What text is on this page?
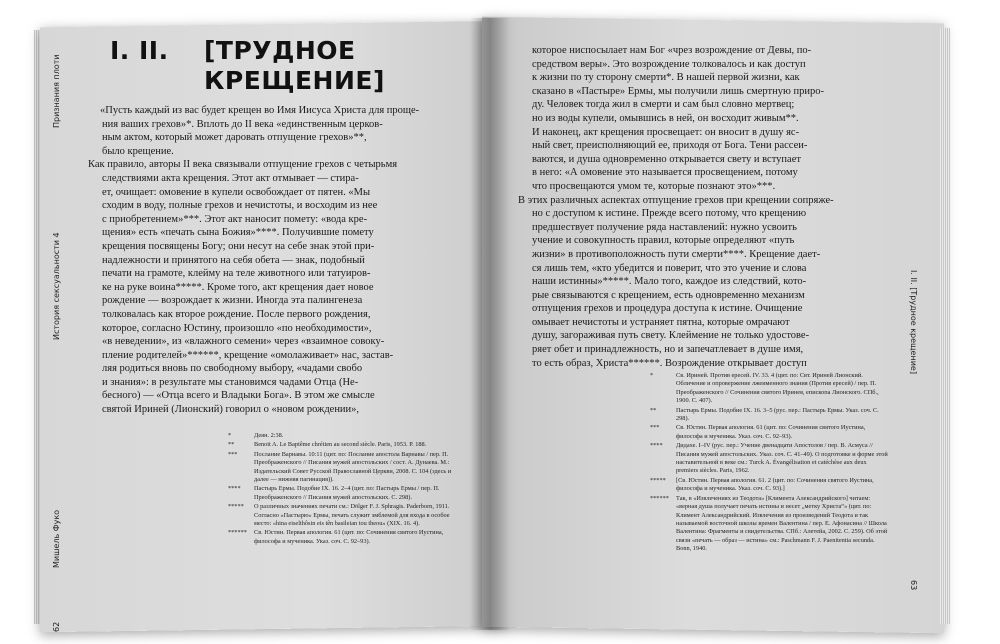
Признания плоти
История сексуальности 4
Мишель Фуко
62
I. II. [Трудное крещение]
63
I. II. [ТРУДНОЕ
КРЕЩЕНИЕ]

«Пусть каждый из вас будет крещен во Имя Иисуса Христа для проще-

ния ваших грехов»*. Вплоть до II века «единственным церков-

ным актом, который может даровать отпущение грехов»**,

было крещение.

Как правило, авторы II века связывали отпущение грехов с четырьмя

следствиями акта крещения. Этот акт отмывает — стира-

ет, очищает: омовение в купели освобождает от пятен. «Мы

сходим в воду, полные грехов и нечистоты, и восходим из нее

с приобретением»***. Этот акт наносит помету: «вода кре-

щения» есть «печать сына Божия»****. Получившие помету

крещения посвящены Богу; они несут на себе знак этой при-

надлежности и принятого на себя обета — знак, подобный

печати на грамоте, клейму на теле животного или татуиров-

ке на руке воина*****. Кроме того, акт крещения дает новое

рождение — возрождает к жизни. Иногда эта палингенеза

толковалась как второе рождение. После первого рождения,

которое, согласно Юстину, произошло «по необходимости»,

«в неведении», из «влажного семени» через «взаимное совоку-

пление родителей»******, крещение «омолаживает» нас, застав-

ляя родиться вновь по свободному выбору, «чадами свобо

и знания»: в результате мы становимся чадами Отца (Не-

бесного) — «Отца всего и Владыки Бога». В этом же смысле

святой Ириней (Лионский) говорил о «новом рождении»,

*	Деян. 2:38.
**	Benoit A. Le Baptême chrétien au second siècle. Paris, 1953. P. 188.
***	Послание Варнавы. 10:11 (цит. по: Послание апостола Варнавы / пер. П. Преображенского // Писания мужей апостольских / сост. А. Дунаева. М.: Издательский Совет Русской Православной Церкви, 2008. С. 104 (здесь и далее — нижняя пагинация)).
****	Пастырь Ермы. Подобие IX. 16. 2–4 (цит. по: Пастырь Ермы / пер. П. Преображенского // Писания мужей апостольских. С. 298).
*****	О различных значениях печати см.: Dölger F. J. Sphragis. Paderborn, 1911. Согласно «Пастырю» Ермы, печать служит эмблемой для входа в особое место: «hina eiselthôsin eis tên basileian tou theou» (XIX. 16. 4).
******	Св. Юстин. Первая апология. 61 (цит. по: Сочинения святого Иустина, философа и мученика. Указ. соч. С. 92–93).

которое ниспосылает нам Бог «чрез возрождение от Девы, по-

средством веры». Это возрождение толковалось и как доступ

к жизни по ту сторону смерти*. В нашей первой жизни, как

сказано в «Пастыре» Ермы, мы получили лишь смертную приро-

ду. Человек тогда жил в смерти и сам был словно мертвец;

но из воды купели, омывшись в ней, он восходит живым**.

И наконец, акт крещения просвещает: он вносит в душу яс-

ный свет, преисполняющий ее, приходя от Бога. Тени рассеи-

ваются, и душа одновременно открывается свету и вступает

в него: «А омовение это называется просвещением, потому

что просвещаются умом те, которые познают это»***.

В этих различных аспектах отпущение грехов при крещении сопряже-

но с доступом к истине. Прежде всего потому, что крещению

предшествует получение ряда наставлений: нужно усвоить

учение и совокупность правил, которые определяют «путь

жизни» в противоположность пути смерти****. Крещение дает-

ся лишь тем, «кто убедится и поверит, что это учение и слова

наши истинны»*****. Мало того, каждое из следствий, кото-

рые связываются с крещением, есть одновременно механизм

отпущения грехов и процедура доступа к истине. Очищение

омывает нечистоты и устраняет пятна, которые омрачают

душу, загораживая путь свету. Клеймение не только удостове-

ряет обет и принадлежность, но и запечатлевает в душе имя,

то есть образ, Христа******. Возрождение открывает доступ

*	Св. Ириней. Против ересей. IV. 33. 4 (цит. по: Свт. Ириней Лионский. Обличение и опровержение лжеименного знания (Против ересей) / пер. П. Преображенского // Сочинения святого Иринея, епископа Лионского. СПб., 1900. С. 407).
**	Пастырь Ермы. Подобие IX. 16. 3–5 (рус. пер.: Пастырь Ермы. Указ. соч. С. 298).
***	Св. Юстин. Первая апология. 61 (цит. по: Сочинения святого Иустина, философа и мученика. Указ. соч. С. 92–93).
****	Дидахе. I–IV (рус. пер.: Учение двенадцати Апостолов / пер. В. Асмуса // Писания мужей апостольских. Указ. соч. С. 41–49). О подготовке и форме этой наставительной в веке см.: Turck A. Évangélisation et catéchèse aux deux premiers siècles. Paris, 1962.
*****	[Св. Юстин. Первая апология. 61. 2 (цит. по: Сочинения святого Иустина, философа и мученика. Указ. соч. С. 93).]
******	Так, в «Извлечениях из Теодота» [Климента Александрийского] читаем: «верная душа получает печать истины и несет „метку Христа“» (цит. по: Климент Александрийский. Извлечения из произведений Теодота и так называемой восточной школы времен Валентина / пер. Е. Афонасина // Школа Валентина: Фрагменты и свидетельства. СПб.: Алетейа, 2002. С. 259). Об этой связи «печать — образ — истина» см.: Paschmann F. J. Paenitentia secunda. Bonn, 1940.
